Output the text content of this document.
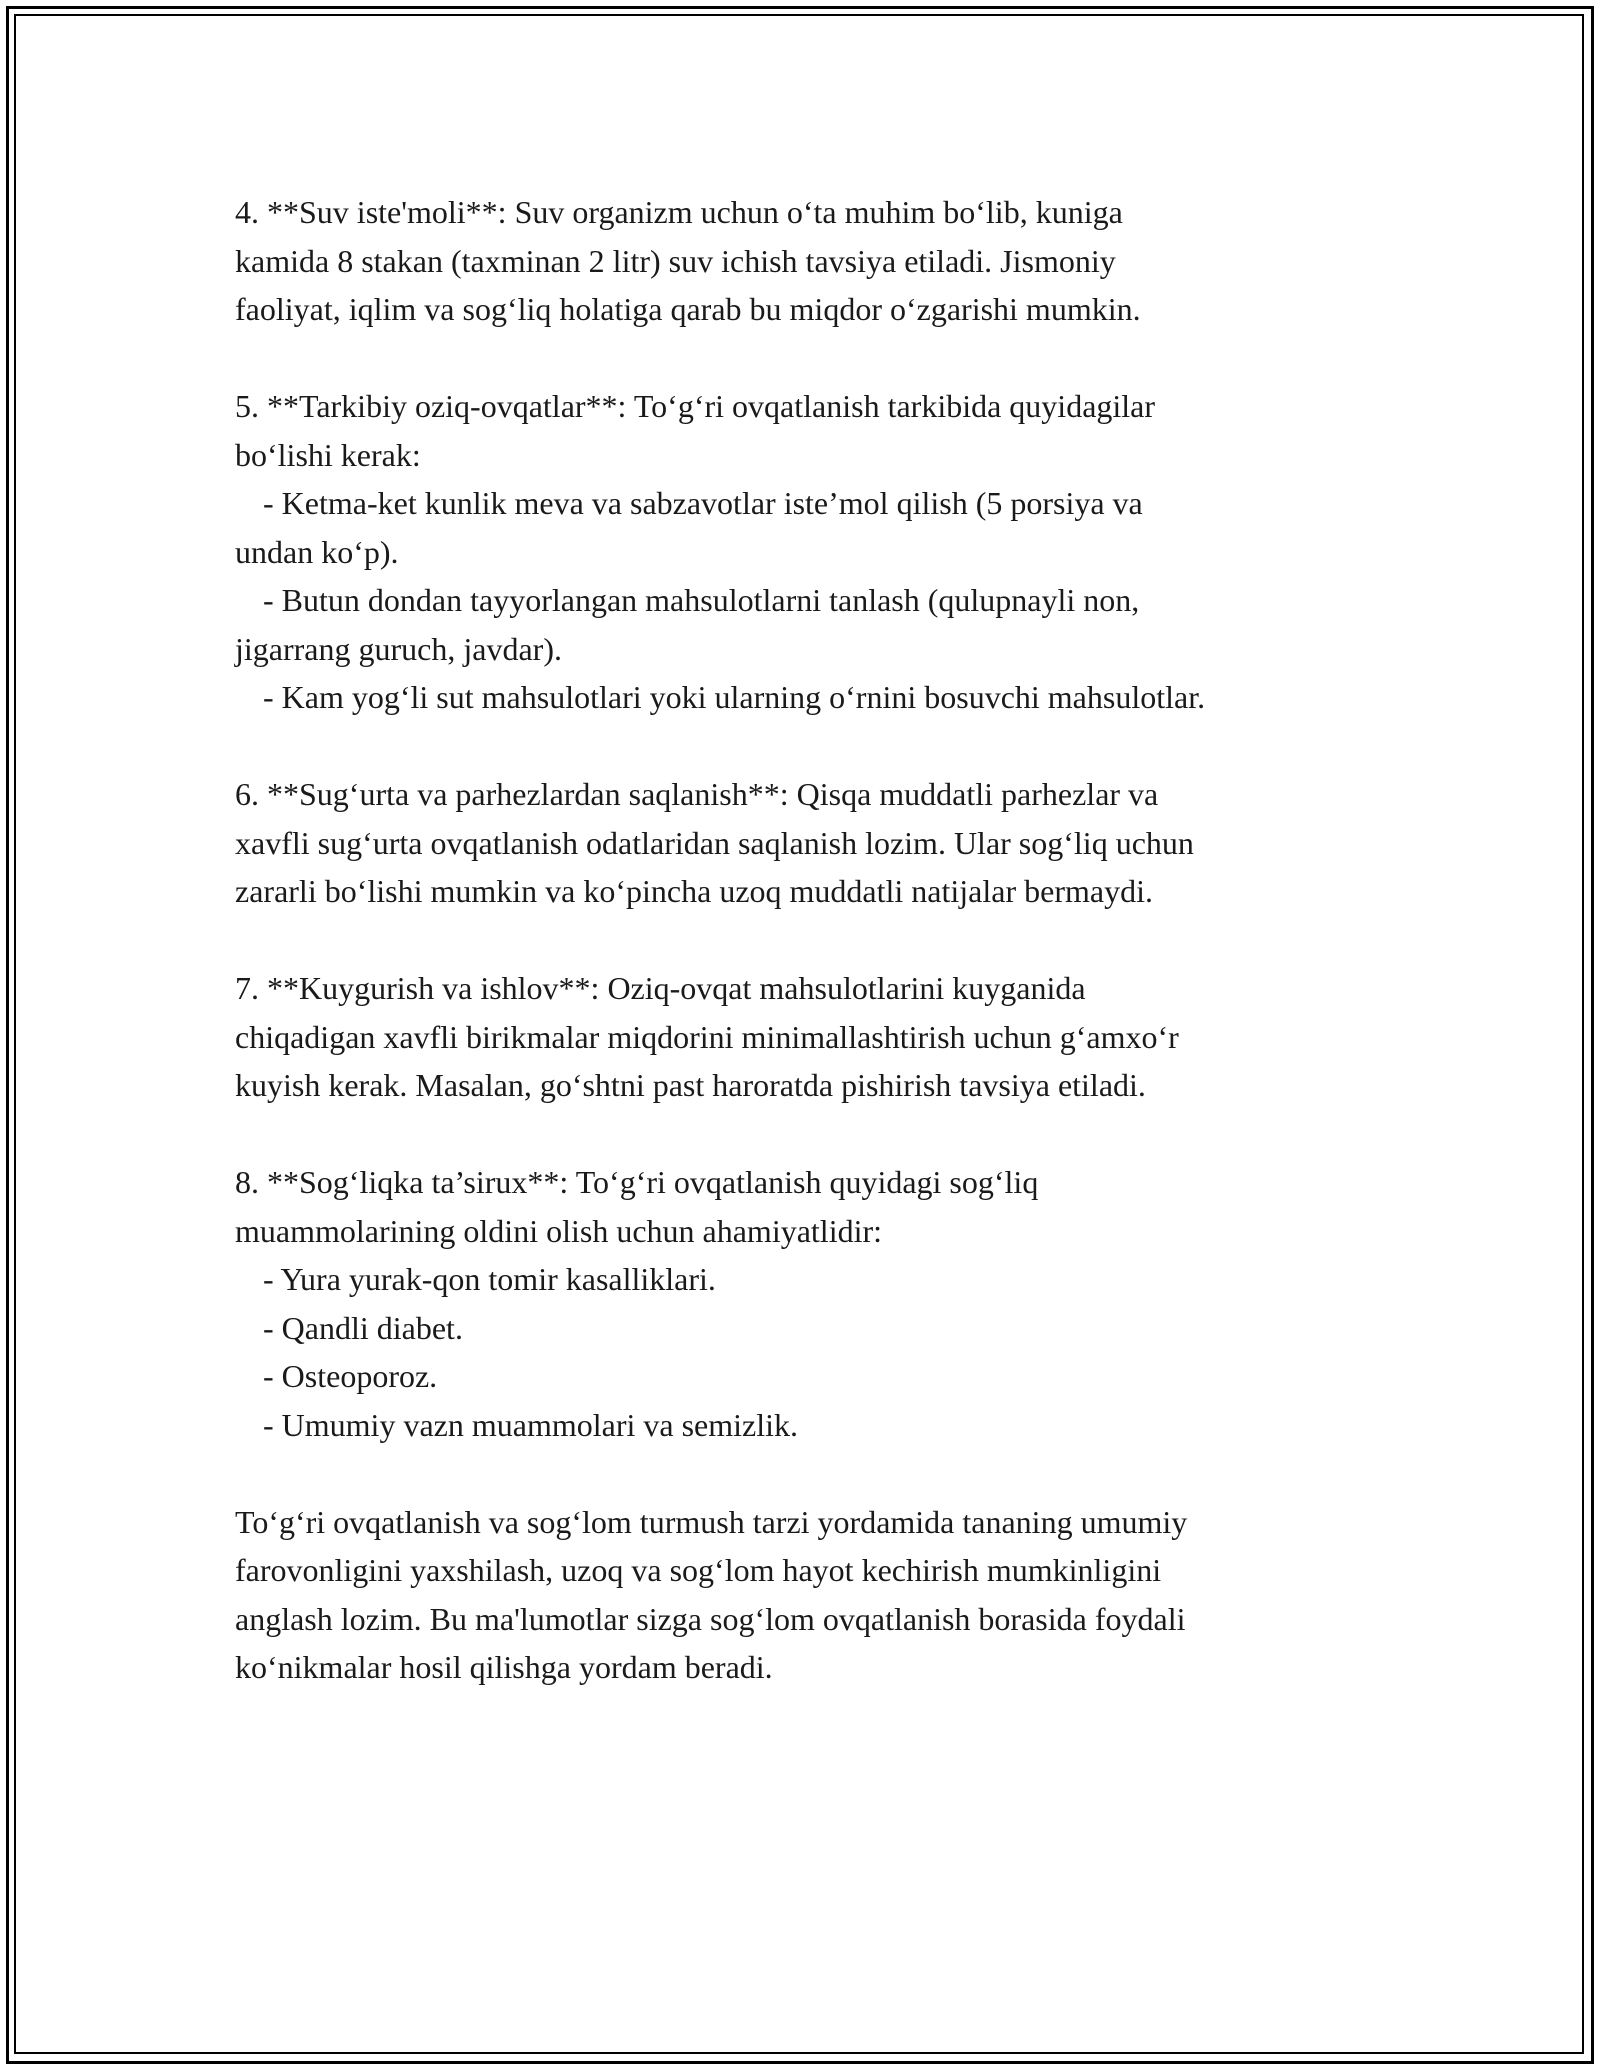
4. **Suv iste'moli**: Suv organizm uchun o‘ta muhim bo‘lib, kuniga
kamida 8 stakan (taxminan 2 litr) suv ichish tavsiya etiladi. Jismoniy
faoliyat, iqlim va sog‘liq holatiga qarab bu miqdor o‘zgarishi mumkin.

5. **Tarkibiy oziq-ovqatlar**: To‘g‘ri ovqatlanish tarkibida quyidagilar
bo‘lishi kerak:
- Ketma-ket kunlik meva va sabzavotlar iste’mol qilish (5 porsiya va
undan ko‘p).
- Butun dondan tayyorlangan mahsulotlarni tanlash (qulupnayli non,
jigarrang guruch, javdar).
- Kam yog‘li sut mahsulotlari yoki ularning o‘rnini bosuvchi mahsulotlar.

6. **Sug‘urta va parhezlardan saqlanish**: Qisqa muddatli parhezlar va
xavfli sug‘urta ovqatlanish odatlaridan saqlanish lozim. Ular sog‘liq uchun
zararli bo‘lishi mumkin va ko‘pincha uzoq muddatli natijalar bermaydi.

7. **Kuygurish va ishlov**: Oziq-ovqat mahsulotlarini kuyganida
chiqadigan xavfli birikmalar miqdorini minimallashtirish uchun g‘amxo‘r
kuyish kerak. Masalan, go‘shtni past haroratda pishirish tavsiya etiladi.

8. **Sog‘liqka ta’sirux**: To‘g‘ri ovqatlanish quyidagi sog‘liq
muammolarining oldini olish uchun ahamiyatlidir:
- Yura yurak-qon tomir kasalliklari.
- Qandli diabet.
- Osteoporoz.
- Umumiy vazn muammolari va semizlik.

To‘g‘ri ovqatlanish va sog‘lom turmush tarzi yordamida tananing umumiy
farovonligini yaxshilash, uzoq va sog‘lom hayot kechirish mumkinligini
anglash lozim. Bu ma'lumotlar sizga sog‘lom ovqatlanish borasida foydali
ko‘nikmalar hosil qilishga yordam beradi.
